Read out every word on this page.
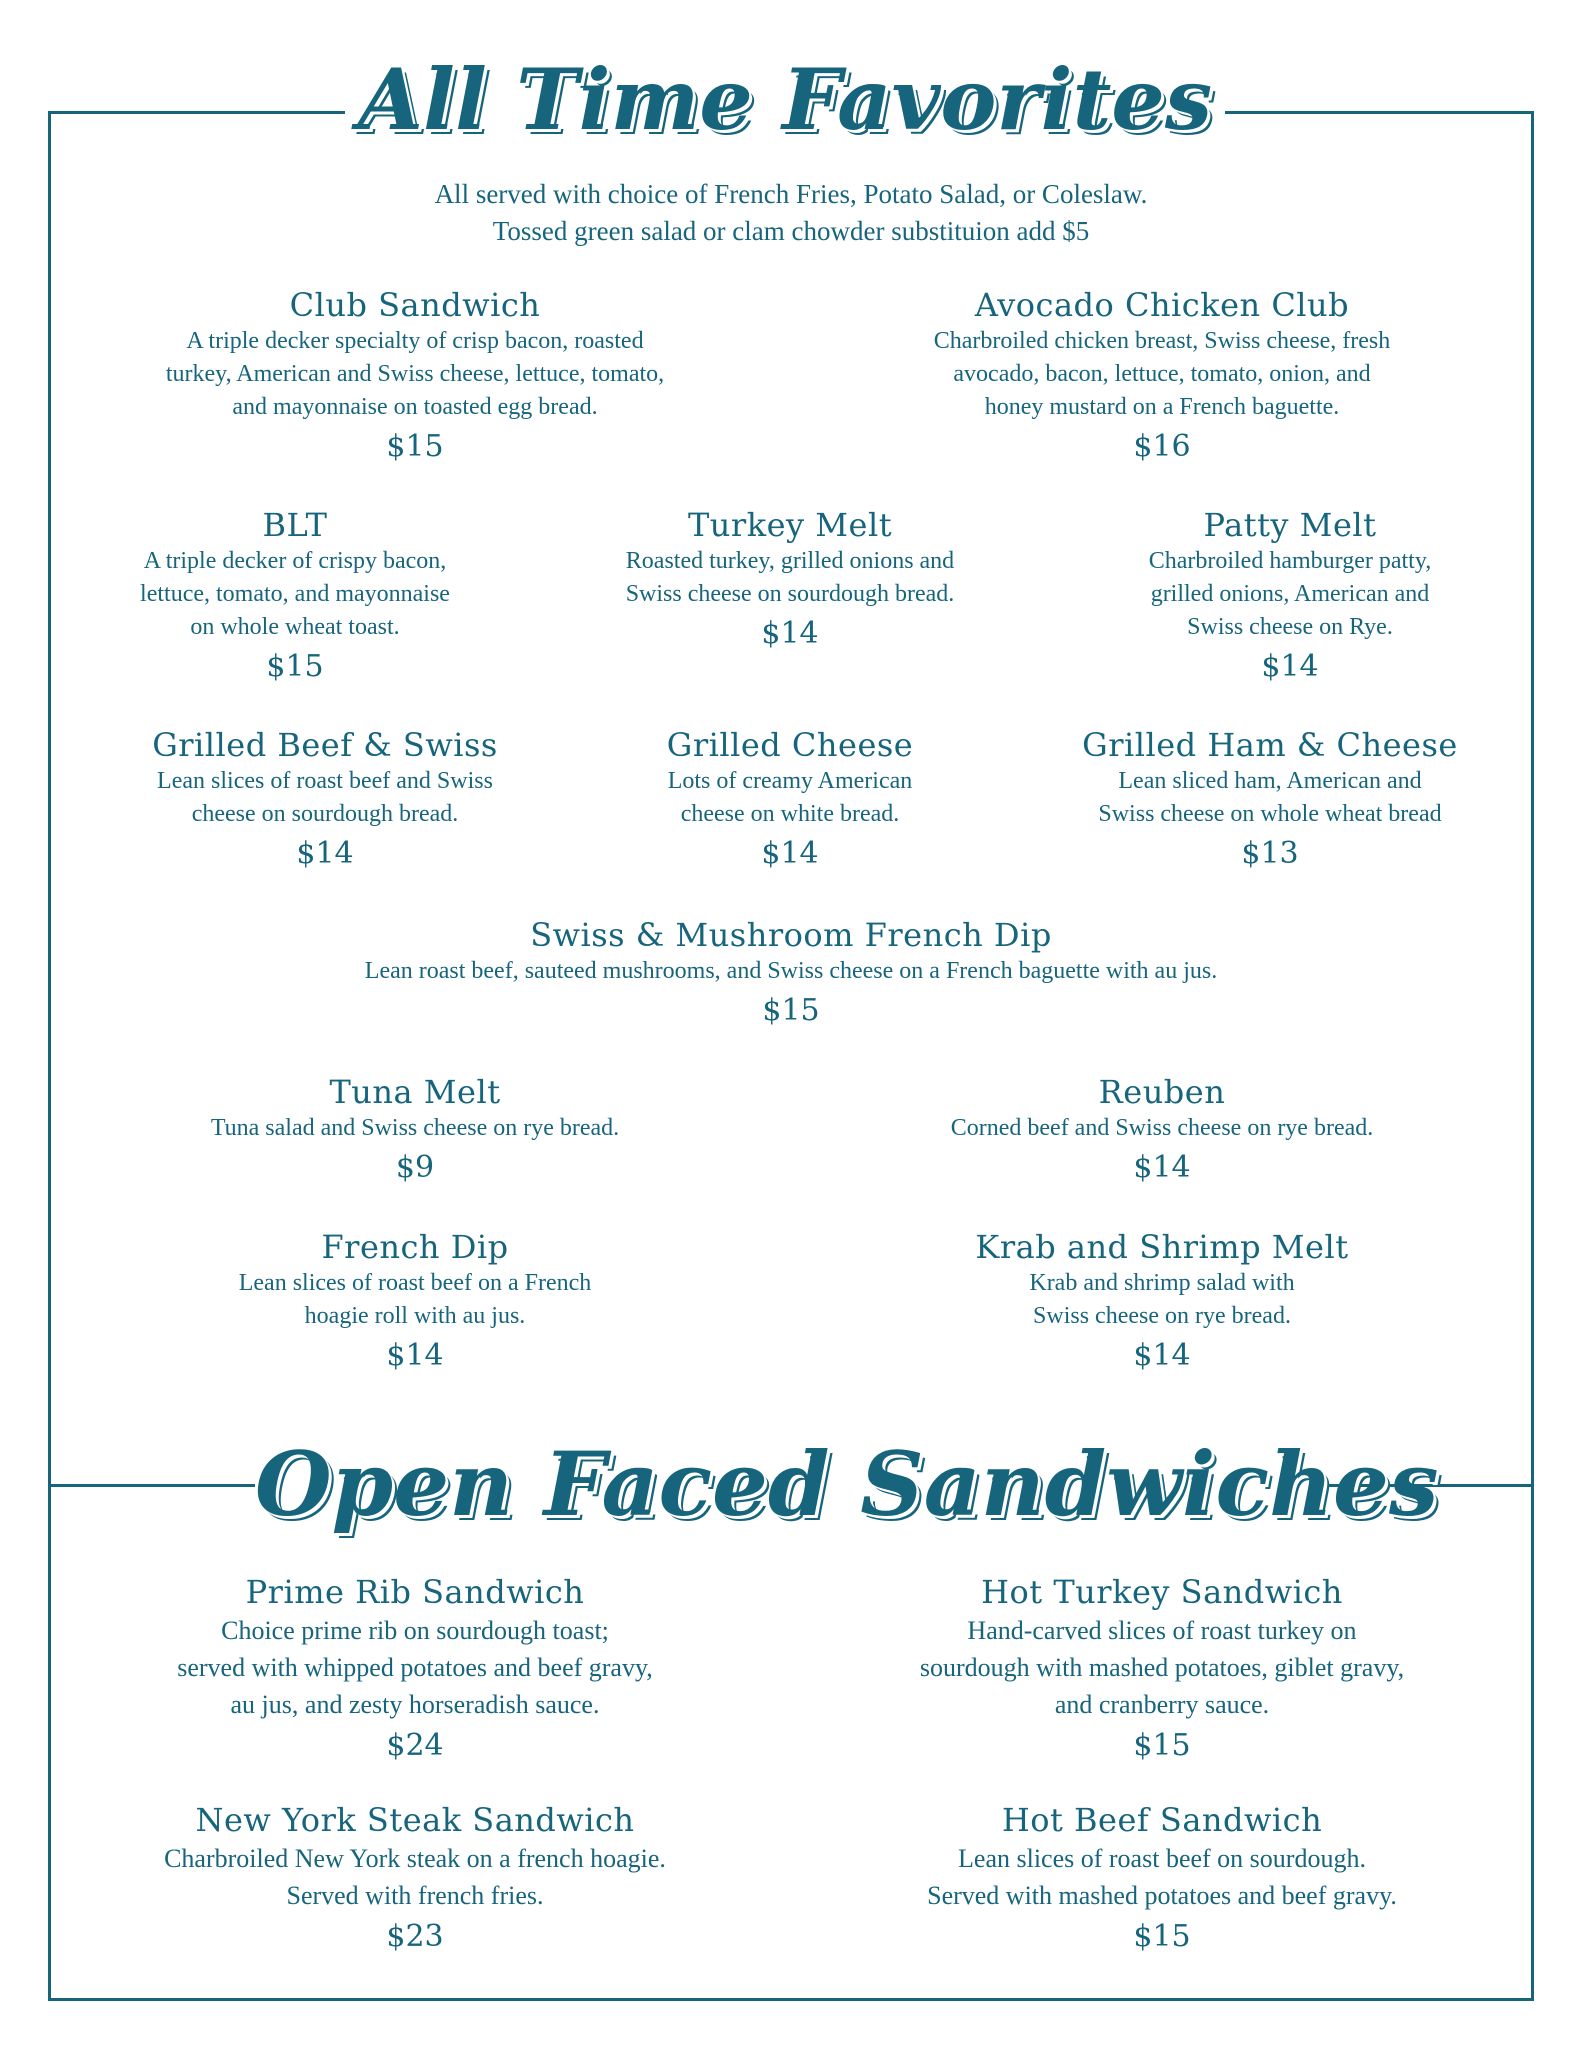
All Time Favorites
All served with choice of French Fries, Potato Salad, or Coleslaw.
Tossed green salad or clam chowder substituion add $5
Club Sandwich
A triple decker specialty of crisp bacon, roasted
turkey, American and Swiss cheese, lettuce, tomato,
and mayonnaise on toasted egg bread.
$15
Avocado Chicken Club
Charbroiled chicken breast, Swiss cheese, fresh
avocado, bacon, lettuce, tomato, onion, and
honey mustard on a French baguette.
$16
BLT
A triple decker of crispy bacon,
lettuce, tomato, and mayonnaise
on whole wheat toast.
$15
Turkey Melt
Roasted turkey, grilled onions and
Swiss cheese on sourdough bread.
$14
Patty Melt
Charbroiled hamburger patty,
grilled onions, American and
Swiss cheese on Rye.
$14
Grilled Beef & Swiss
Lean slices of roast beef and Swiss
cheese on sourdough bread.
$14
Grilled Cheese
Lots of creamy American
cheese on white bread.
$14
Grilled Ham & Cheese
Lean sliced ham, American and
Swiss cheese on whole wheat bread
$13
Swiss & Mushroom French Dip
Lean roast beef, sauteed mushrooms, and Swiss cheese on a French baguette with au jus.
$15
Tuna Melt
Tuna salad and Swiss cheese on rye bread.
$9
Reuben
Corned beef and Swiss cheese on rye bread.
$14
French Dip
Lean slices of roast beef on a French
hoagie roll with au jus.
$14
Krab and Shrimp Melt
Krab and shrimp salad with
Swiss cheese on rye bread.
$14
Open Faced Sandwiches
Prime Rib Sandwich
Choice prime rib on sourdough toast;
served with whipped potatoes and beef gravy,
au jus, and zesty horseradish sauce.
$24
Hot Turkey Sandwich
Hand-carved slices of roast turkey on
sourdough with mashed potatoes, giblet gravy,
and cranberry sauce.
$15
New York Steak Sandwich
Charbroiled New York steak on a french hoagie.
Served with french fries.
$23
Hot Beef Sandwich
Lean slices of roast beef on sourdough.
Served with mashed potatoes and beef gravy.
$15
